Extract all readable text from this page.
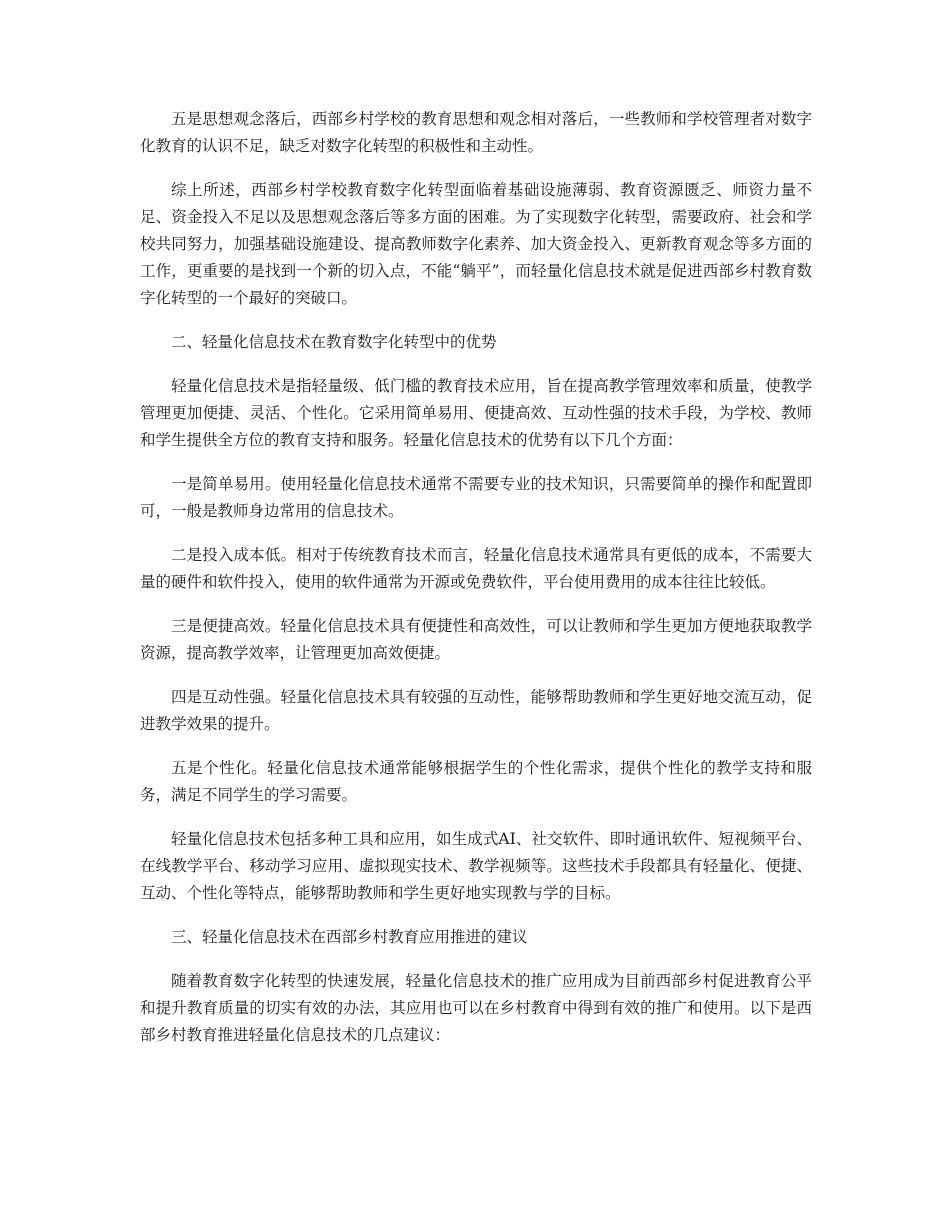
五是思想观念落后，西部乡村学校的教育思想和观念相对落后，一些教师和学校管理者对数字化教育的认识不足，缺乏对数字化转型的积极性和主动性。

综上所述，西部乡村学校教育数字化转型面临着基础设施薄弱、教育资源匮乏、师资力量不足、资金投入不足以及思想观念落后等多方面的困难。为了实现数字化转型，需要政府、社会和学校共同努力，加强基础设施建设、提高教师数字化素养、加大资金投入、更新教育观念等多方面的工作，更重要的是找到一个新的切入点，不能“躺平”，而轻量化信息技术就是促进西部乡村教育数字化转型的一个最好的突破口。

二、轻量化信息技术在教育数字化转型中的优势

轻量化信息技术是指轻量级、低门槛的教育技术应用，旨在提高教学管理效率和质量，使教学管理更加便捷、灵活、个性化。它采用简单易用、便捷高效、互动性强的技术手段，为学校、教师和学生提供全方位的教育支持和服务。轻量化信息技术的优势有以下几个方面：

一是简单易用。使用轻量化信息技术通常不需要专业的技术知识，只需要简单的操作和配置即可，一般是教师身边常用的信息技术。

二是投入成本低。相对于传统教育技术而言，轻量化信息技术通常具有更低的成本，不需要大量的硬件和软件投入，使用的软件通常为开源或免费软件，平台使用费用的成本往往比较低。

三是便捷高效。轻量化信息技术具有便捷性和高效性，可以让教师和学生更加方便地获取教学资源，提高教学效率，让管理更加高效便捷。

四是互动性强。轻量化信息技术具有较强的互动性，能够帮助教师和学生更好地交流互动，促进教学效果的提升。

五是个性化。轻量化信息技术通常能够根据学生的个性化需求，提供个性化的教学支持和服务，满足不同学生的学习需要。

轻量化信息技术包括多种工具和应用，如生成式AI、社交软件、即时通讯软件、短视频平台、在线教学平台、移动学习应用、虚拟现实技术、教学视频等。这些技术手段都具有轻量化、便捷、互动、个性化等特点，能够帮助教师和学生更好地实现教与学的目标。

三、轻量化信息技术在西部乡村教育应用推进的建议

随着教育数字化转型的快速发展，轻量化信息技术的推广应用成为目前西部乡村促进教育公平和提升教育质量的切实有效的办法，其应用也可以在乡村教育中得到有效的推广和使用。以下是西部乡村教育推进轻量化信息技术的几点建议：
